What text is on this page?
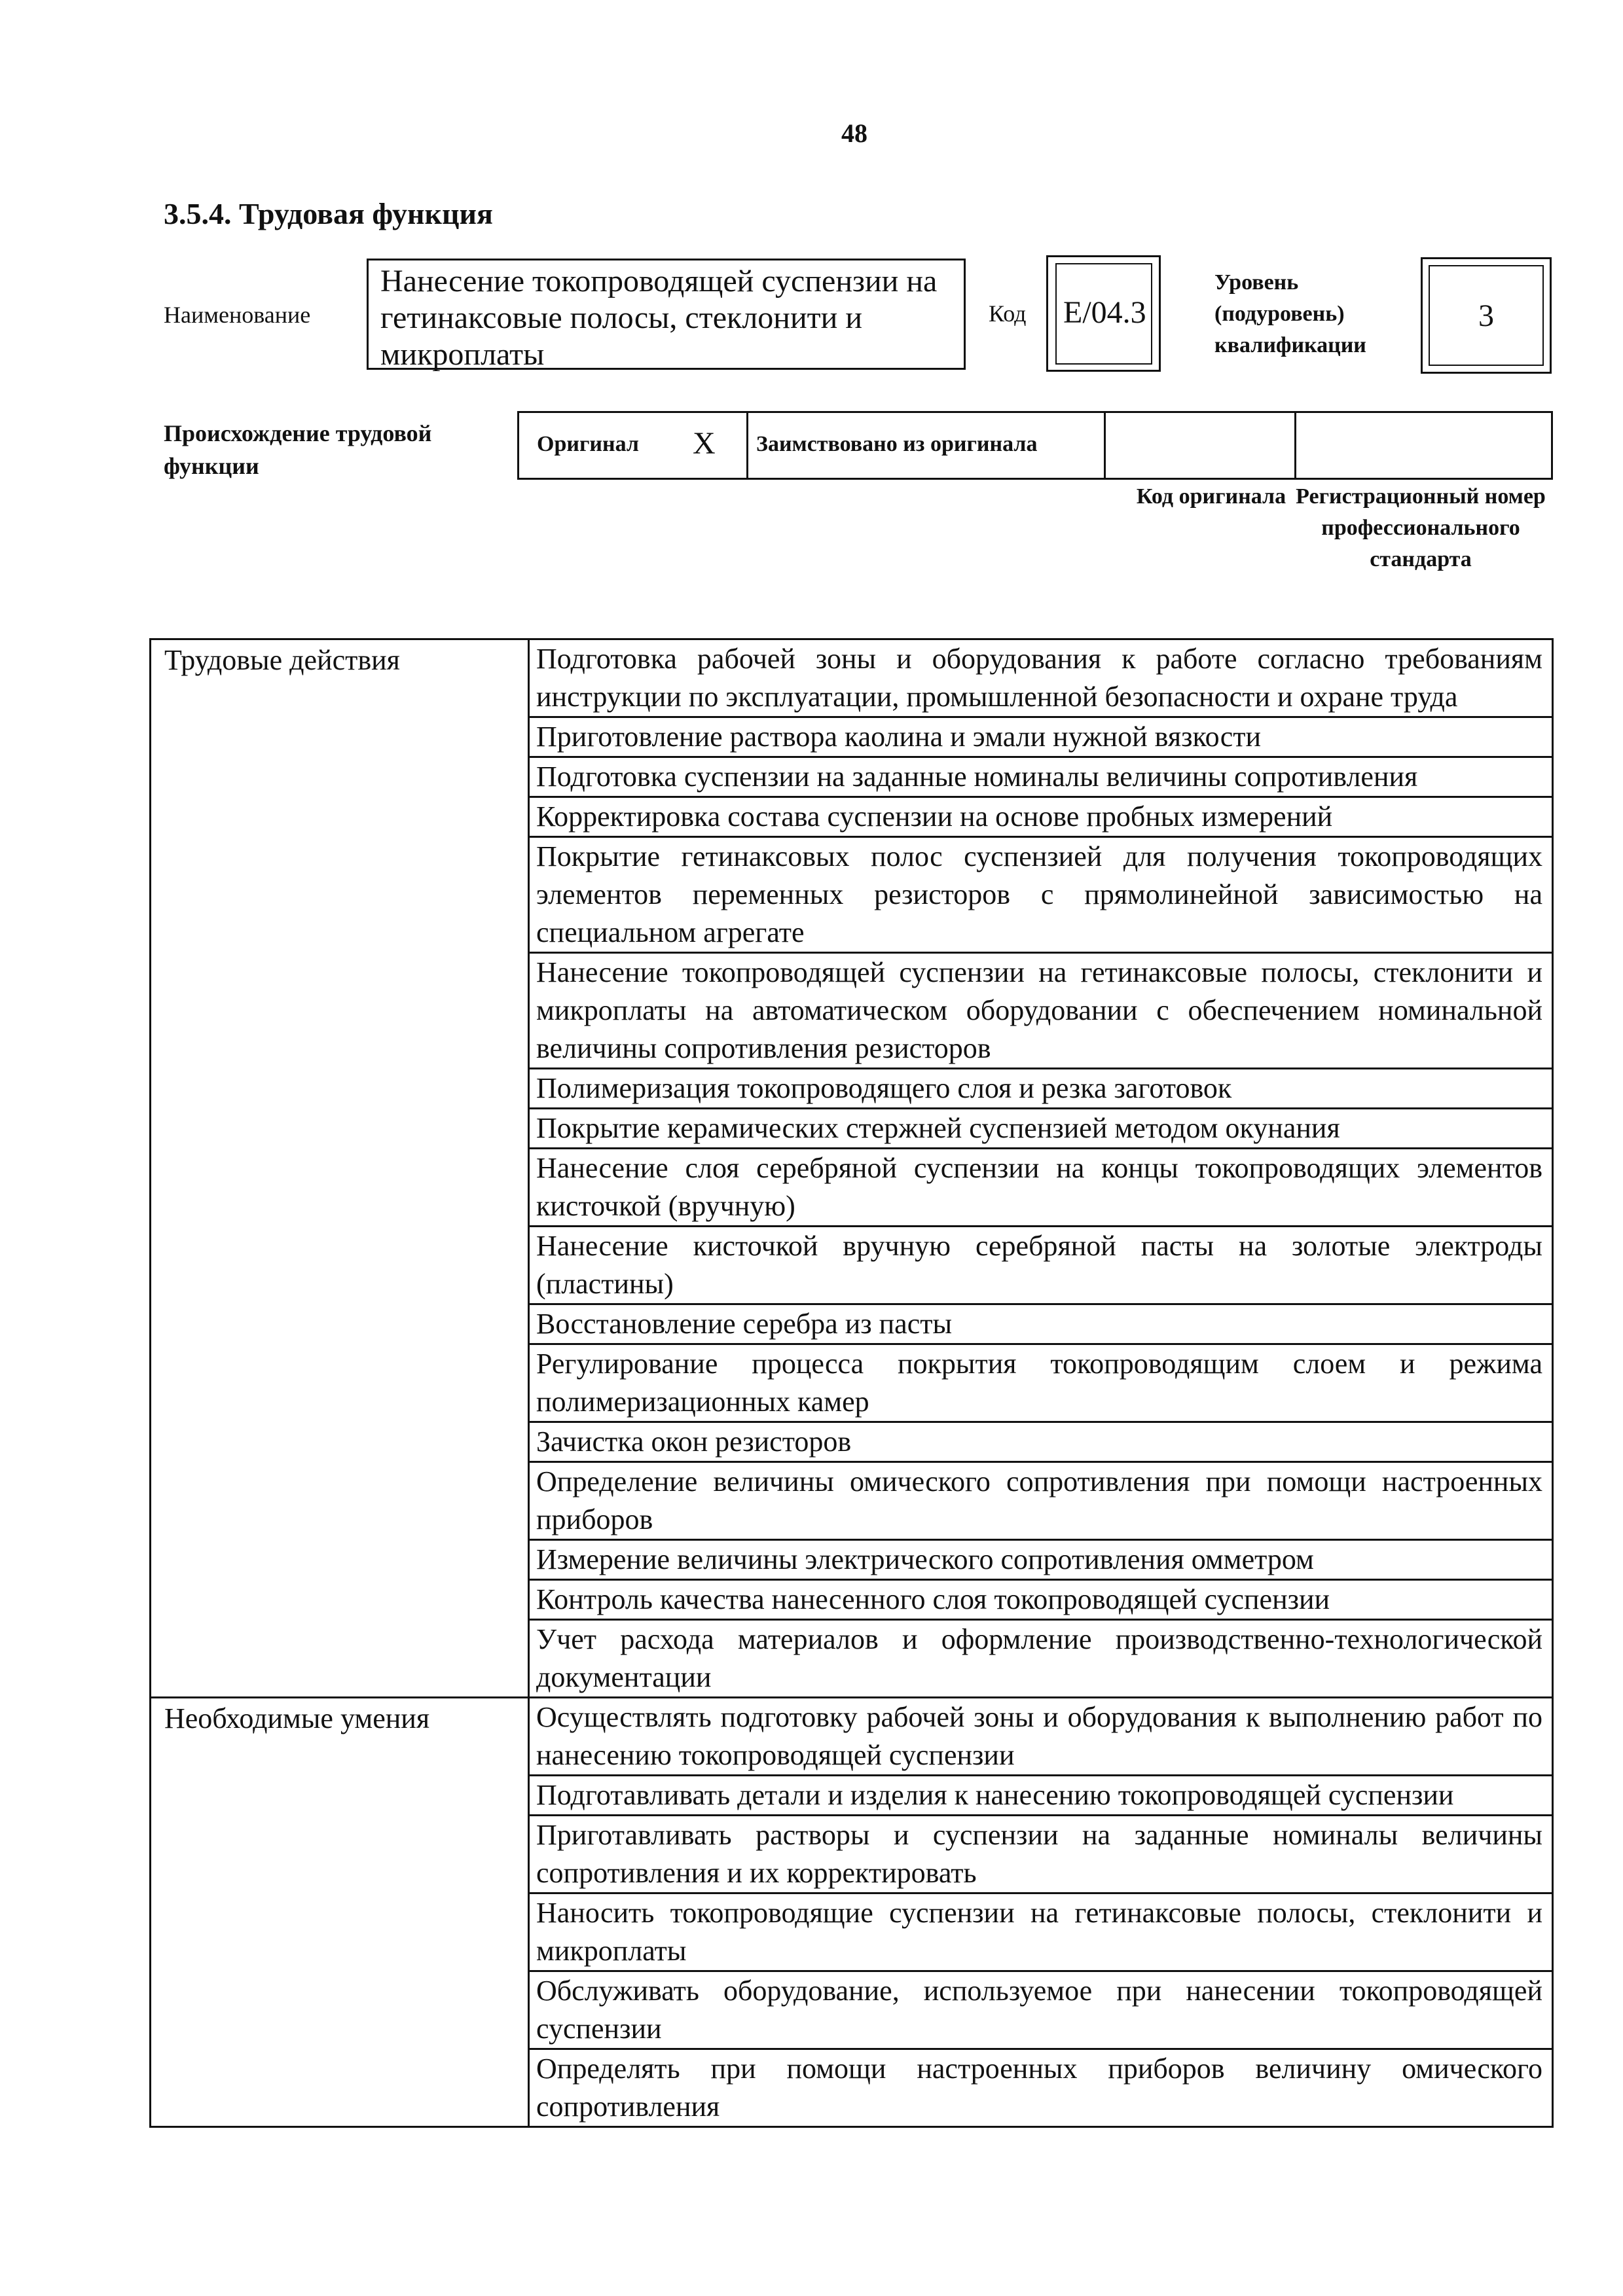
48
3.5.4. Трудовая функция
Наименование
Нанесение токопроводящей суспензии на гетинаксовые полосы, стеклонити и микроплаты
Код E/04.3
Уровень (подуровень) квалификации
3
Происхождение трудовой функции
Оригинал X Заимствовано из оригинала
Код оригинала Регистрационный номер профессионального стандарта
Трудовые действия	Подготовка рабочей зоны и оборудования к работе согласно требованиям инструкции по эксплуатации, промышленной безопасности и охране труда
	Приготовление раствора каолина и эмали нужной вязкости
	Подготовка суспензии на заданные номиналы величины сопротивления
	Корректировка состава суспензии на основе пробных измерений
	Покрытие гетинаксовых полос суспензией для получения токопроводящих элементов переменных резисторов с прямолинейной зависимостью на специальном агрегате
	Нанесение токопроводящей суспензии на гетинаксовые полосы, стеклонити и микроплаты на автоматическом оборудовании с обеспечением номинальной величины сопротивления резисторов
	Полимеризация токопроводящего слоя и резка заготовок
	Покрытие керамических стержней суспензией методом окунания
	Нанесение слоя серебряной суспензии на концы токопроводящих элементов кисточкой (вручную)
	Нанесение кисточкой вручную серебряной пасты на золотые электроды (пластины)
	Восстановление серебра из пасты
	Регулирование процесса покрытия токопроводящим слоем и режима полимеризационных камер
	Зачистка окон резисторов
	Определение величины омического сопротивления при помощи настроенных приборов
	Измерение величины электрического сопротивления омметром
	Контроль качества нанесенного слоя токопроводящей суспензии
	Учет расхода материалов и оформление производственно-технологической документации
Необходимые умения	Осуществлять подготовку рабочей зоны и оборудования к выполнению работ по нанесению токопроводящей суспензии
	Подготавливать детали и изделия к нанесению токопроводящей суспензии
	Приготавливать растворы и суспензии на заданные номиналы величины сопротивления и их корректировать
	Наносить токопроводящие суспензии на гетинаксовые полосы, стеклонити и микроплаты
	Обслуживать оборудование, используемое при нанесении токопроводящей суспензии
	Определять при помощи настроенных приборов величину омического сопротивления
